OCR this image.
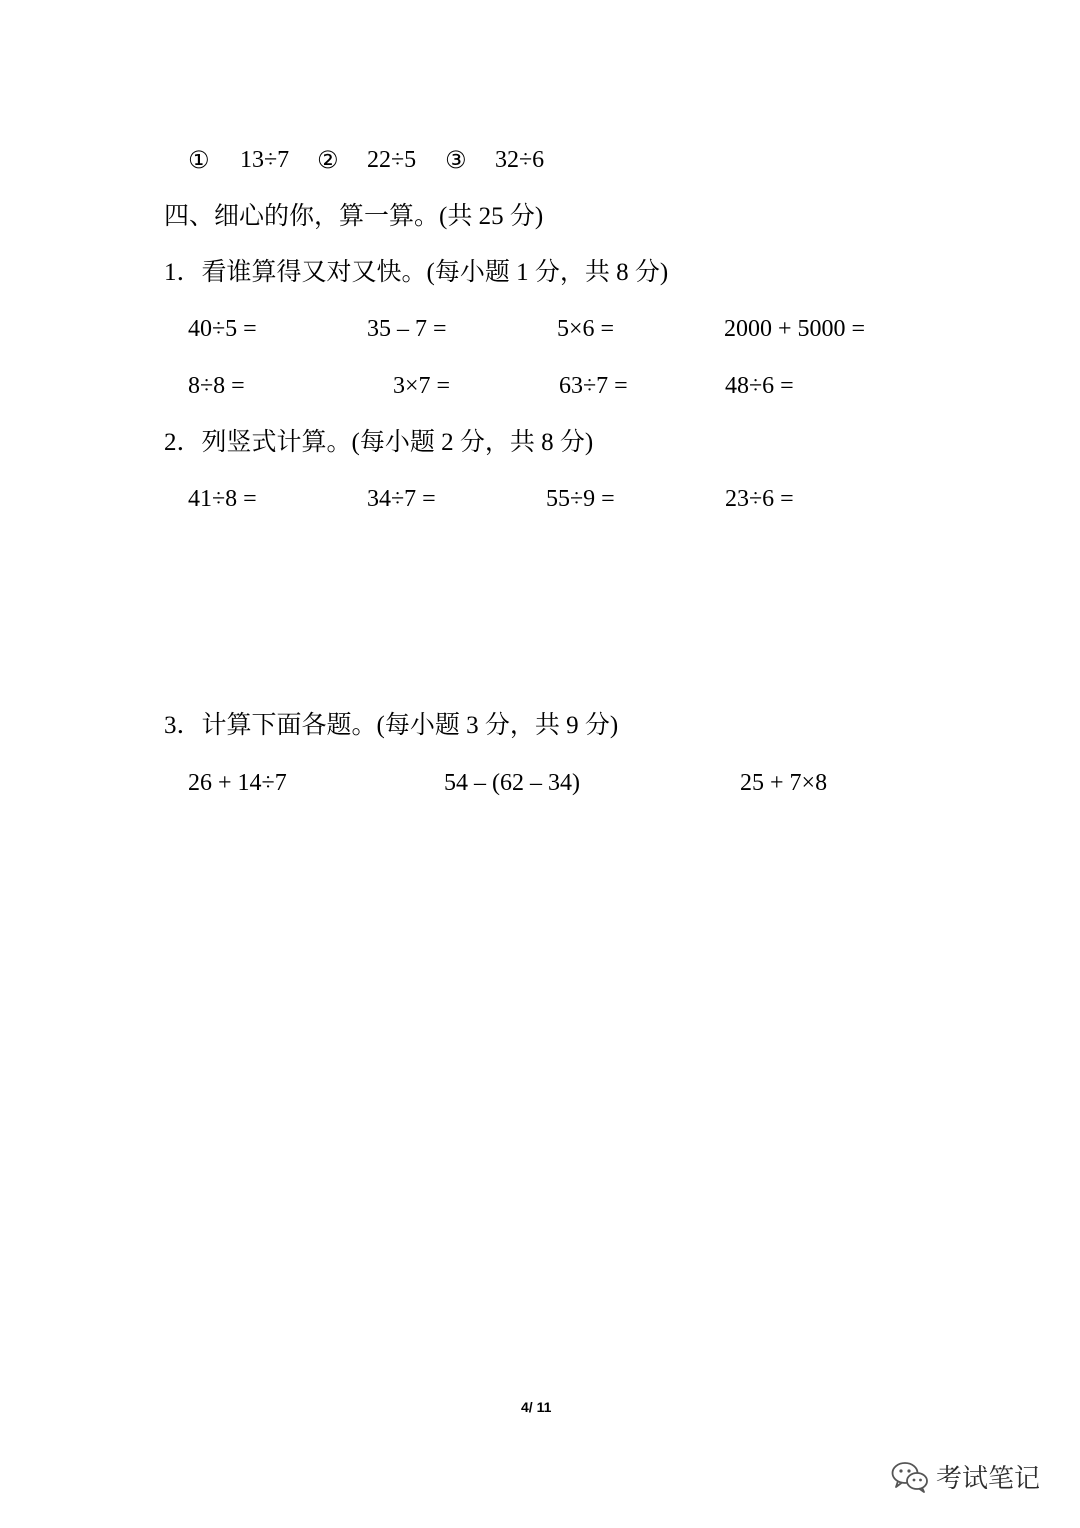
① 13÷7 ② 22÷5 ③ 32÷6
四、细心的你，算一算。(共 25 分)
1．看谁算得又对又快。(每小题 1 分，共 8 分)
40÷5 =	35 – 7 =	5×6 =	2000 + 5000 =
8÷8 =	3×7 =	63÷7 =	48÷6 =
2．列竖式计算。(每小题 2 分，共 8 分)
41÷8 =	34÷7 =	55÷9 =	23÷6 =
3．计算下面各题。(每小题 3 分，共 9 分)
26 + 14÷7	54 – (62 – 34)	25 + 7×8
4/ 11
考试笔记
